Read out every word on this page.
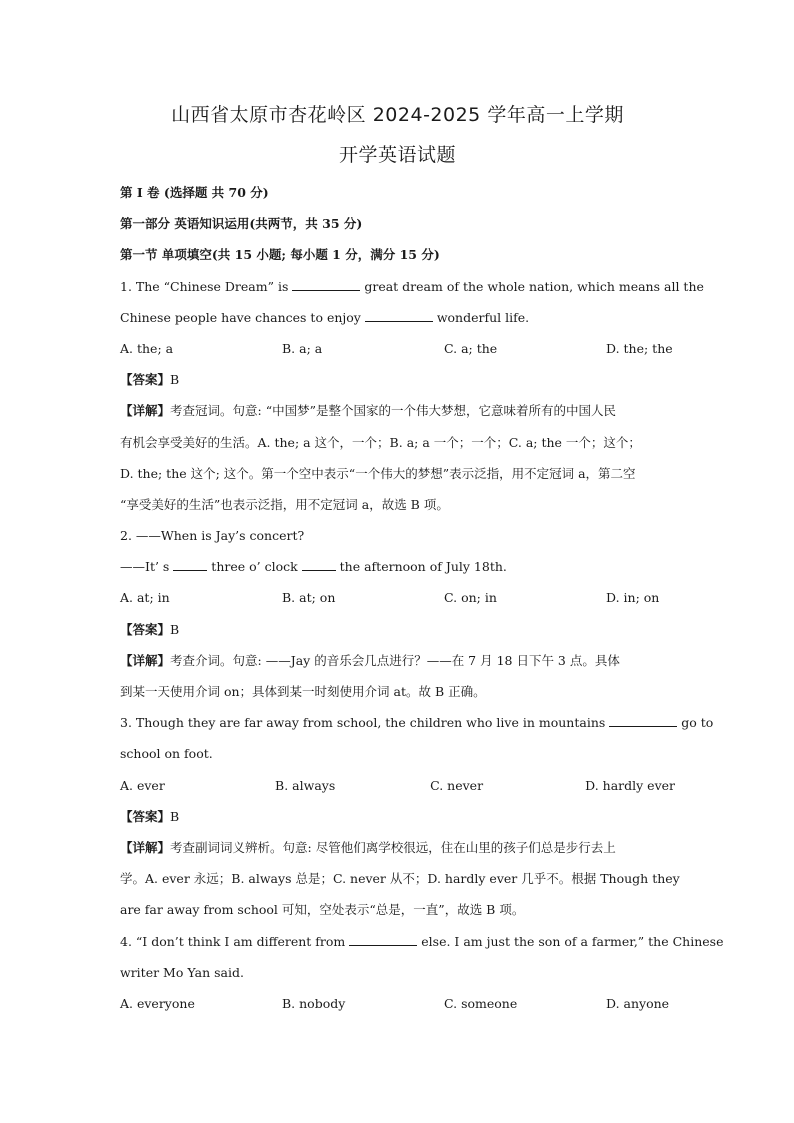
山西省太原市杏花岭区 2024-2025 学年高一上学期
开学英语试题
第 I 卷 (选择题 共 70 分)
第一部分 英语知识运用(共两节，共 35 分)
第一节 单项填空(共 15 小题; 每小题 1 分，满分 15 分)
1. The “Chinese Dream” is	great dream of the whole nation, which means all the
Chinese people have chances to enjoy	wonderful life.
A. the; a	B. a; a	C. a; the	D. the; the
【答案】B
【详解】考查冠词。句意: “中国梦”是整个国家的一个伟大梦想，它意味着所有的中国人民
有机会享受美好的生活。A. the; a 这个，一个；B. a; a 一个；一个；C. a; the 一个；这个；
D. the; the 这个; 这个。第一个空中表示“一个伟大的梦想”表示泛指，用不定冠词 a，第二空
“享受美好的生活”也表示泛指，用不定冠词 a，故选 B 项。
2. ——When is Jay’s concert?
——It’ s	three o’ clock	the afternoon of July 18th.
A. at; in	B. at; on	C. on; in	D. in; on
【答案】B
【详解】考查介词。句意: ——Jay 的音乐会几点进行？——在 7 月 18 日下午 3 点。具体
到某一天使用介词 on；具体到某一时刻使用介词 at。故 B 正确。
3. Though they are far away from school, the children who live in mountains	go to
school on foot.
A. ever	B. always	C. never	D. hardly ever
【答案】B
【详解】考查副词词义辨析。句意: 尽管他们离学校很远，住在山里的孩子们总是步行去上
学。A. ever 永远；B. always 总是；C. never 从不；D. hardly ever 几乎不。根据 Though they
are far away from school 可知，空处表示“总是，一直”，故选 B 项。
4. “I don’t think I am different from	else. I am just the son of a farmer,” the Chinese
writer Mo Yan said.
A. everyone	B. nobody	C. someone	D. anyone
